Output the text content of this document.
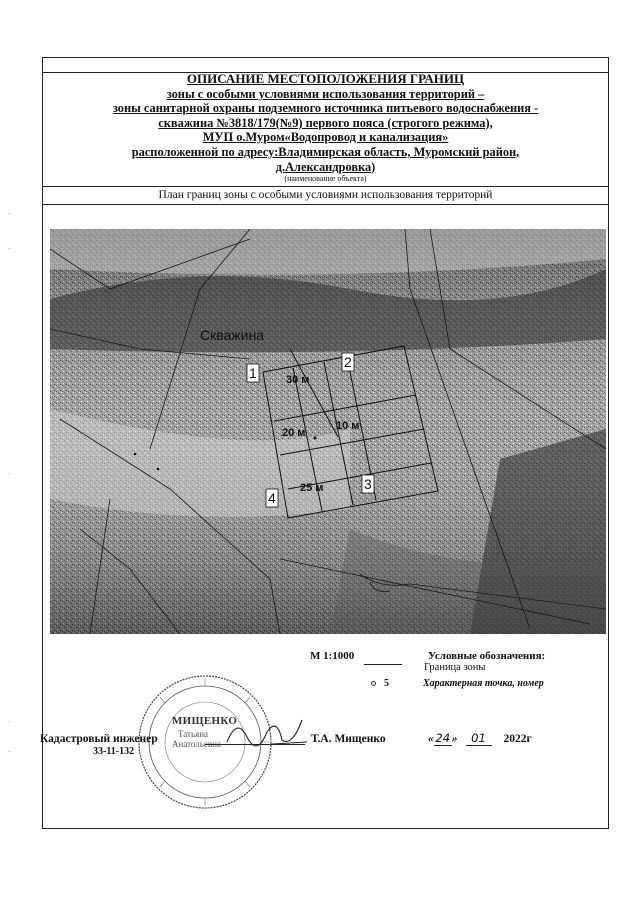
ОПИСАНИЕ МЕСТОПОЛОЖЕНИЯ ГРАНИЦ
зоны с особыми условиями использования территорий –
зоны санитарной охраны подземного источника питьевого водоснабжения -
скважина №3818/179(№9) первого пояса (строгого режима),
МУП о.Муром«Водопровод и канализация»
расположенной по адресу:Владимирская область, Муромский район,
д.Александровка)
(наименование объекта)
План границ зоны с особыми условиями использования территорий
Скважина
30 м
20 м
10 м
25 м
1
2
3
4
М 1:1000	Условные обозначения:
Граница зоны
5	Характерная точка, номер
МИЩЕНКО
Татьяна
Анатольевна
Кадастровый инженер
33-11-132
Т.А. Мищенко	« 24 » 01 2022г
·
·
·
·
·
